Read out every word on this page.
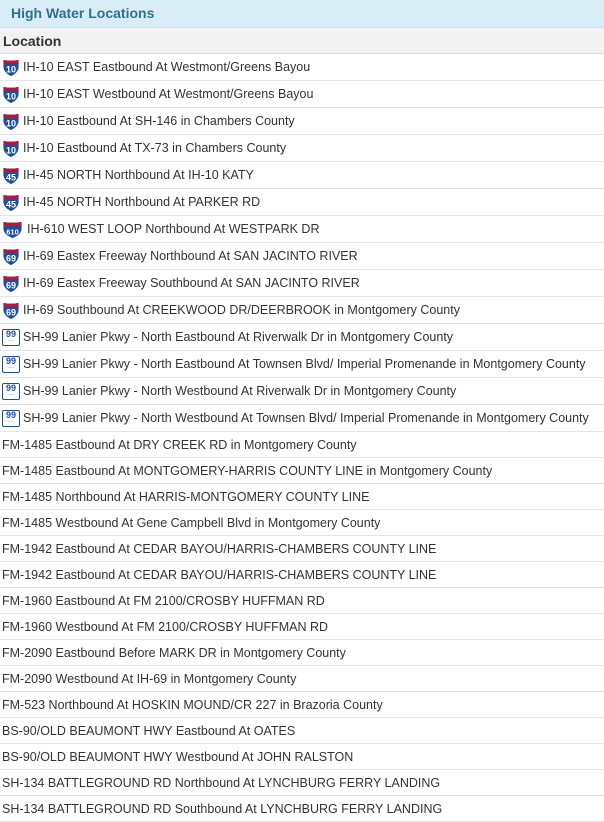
High Water Locations
Location
10 IH-10 EAST Eastbound At Westmont/Greens Bayou
10 IH-10 EAST Westbound At Westmont/Greens Bayou
10 IH-10 Eastbound At SH-146 in Chambers County
10 IH-10 Eastbound At TX-73 in Chambers County
45 IH-45 NORTH Northbound At IH-10 KATY
45 IH-45 NORTH Northbound At PARKER RD
610 IH-610 WEST LOOP Northbound At WESTPARK DR
69 IH-69 Eastex Freeway Northbound At SAN JACINTO RIVER
69 IH-69 Eastex Freeway Southbound At SAN JACINTO RIVER
69 IH-69 Southbound At CREEKWOOD DR/DEERBROOK in Montgomery County
99
—— SH-99 Lanier Pkwy - North Eastbound At Riverwalk Dr in Montgomery County
99
—— SH-99 Lanier Pkwy - North Eastbound At Townsen Blvd/ Imperial Promenande in Montgomery County
99
—— SH-99 Lanier Pkwy - North Westbound At Riverwalk Dr in Montgomery County
99
—— SH-99 Lanier Pkwy - North Westbound At Townsen Blvd/ Imperial Promenande in Montgomery County
FM-1485 Eastbound At DRY CREEK RD in Montgomery County
FM-1485 Eastbound At MONTGOMERY-HARRIS COUNTY LINE in Montgomery County
FM-1485 Northbound At HARRIS-MONTGOMERY COUNTY LINE
FM-1485 Westbound At Gene Campbell Blvd in Montgomery County
FM-1942 Eastbound At CEDAR BAYOU/HARRIS-CHAMBERS COUNTY LINE
FM-1942 Eastbound At CEDAR BAYOU/HARRIS-CHAMBERS COUNTY LINE
FM-1960 Eastbound At FM 2100/CROSBY HUFFMAN RD
FM-1960 Westbound At FM 2100/CROSBY HUFFMAN RD
FM-2090 Eastbound Before MARK DR in Montgomery County
FM-2090 Westbound At IH-69 in Montgomery County
FM-523 Northbound At HOSKIN MOUND/CR 227 in Brazoria County
BS-90/OLD BEAUMONT HWY Eastbound At OATES
BS-90/OLD BEAUMONT HWY Westbound At JOHN RALSTON
SH-134 BATTLEGROUND RD Northbound At LYNCHBURG FERRY LANDING
SH-134 BATTLEGROUND RD Southbound At LYNCHBURG FERRY LANDING
